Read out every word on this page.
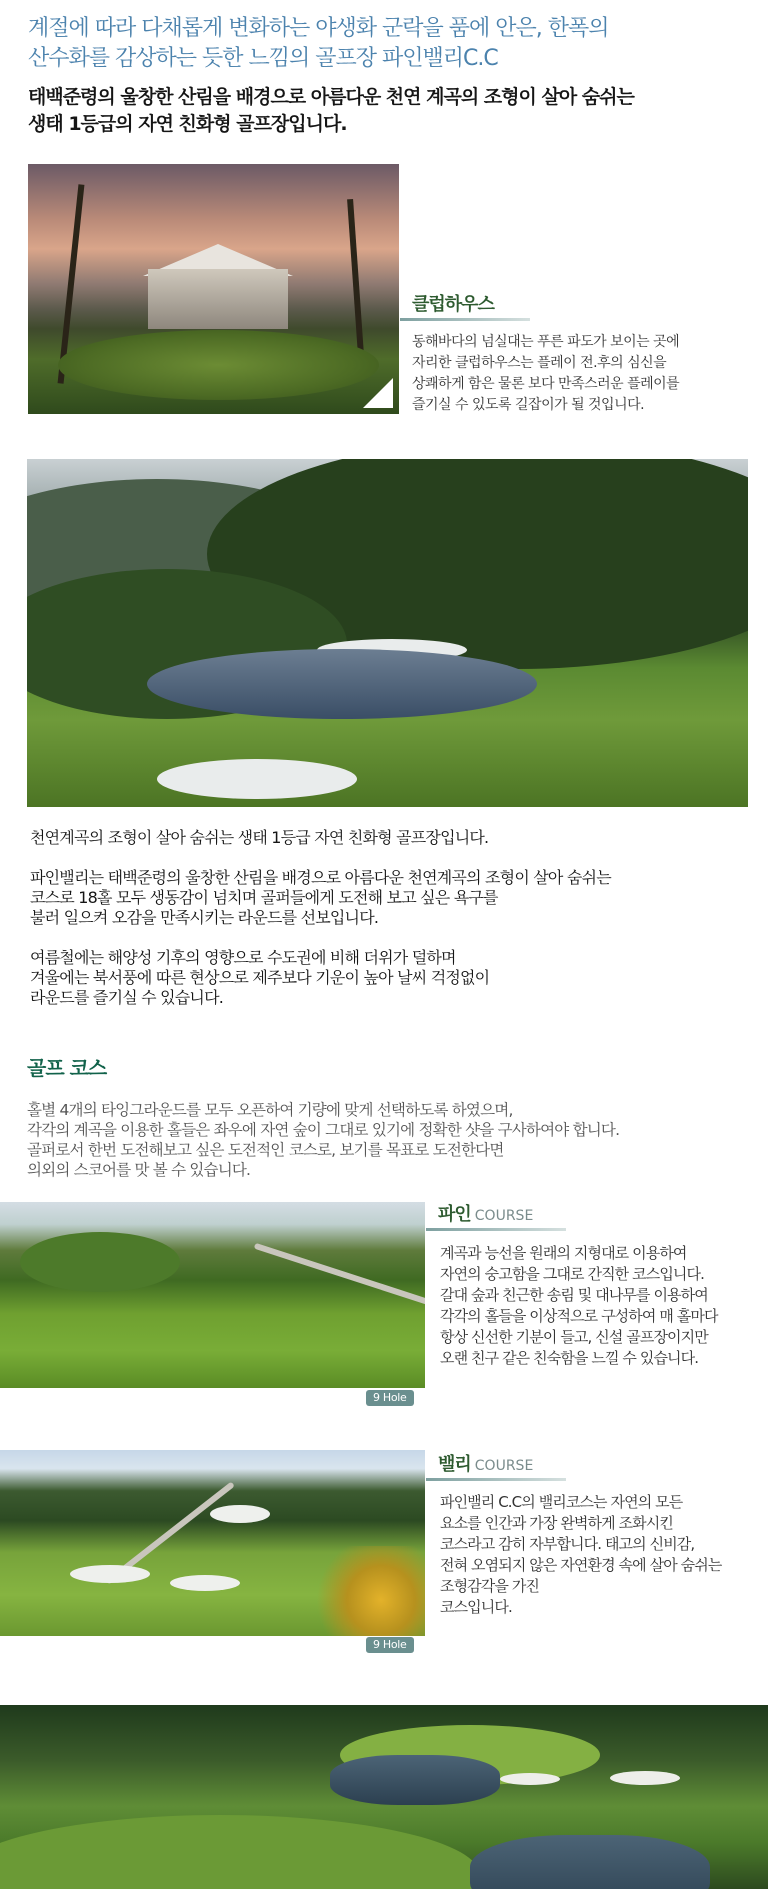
계절에 따라 다채롭게 변화하는 야생화 군락을 품에 안은, 한폭의
산수화를 감상하는 듯한 느낌의 골프장 파인밸리C.C
태백준령의 울창한 산림을 배경으로 아름다운 천연 계곡의 조형이 살아 숨쉬는
생태 1등급의 자연 친화형 골프장입니다.
클럽하우스
동해바다의 넘실대는 푸른 파도가 보이는 곳에
자리한 클럽하우스는 플레이 전.후의 심신을
상쾌하게 함은 물론 보다 만족스러운 플레이를
즐기실 수 있도록 길잡이가 될 것입니다.
천연계곡의 조형이 살아 숨쉬는 생태 1등급 자연 친화형 골프장입니다.
파인밸리는 태백준령의 울창한 산림을 배경으로 아름다운 천연계곡의 조형이 살아 숨쉬는
코스로 18홀 모두 생동감이 넘치며 골퍼들에게 도전해 보고 싶은 욕구를
불러 일으켜 오감을 만족시키는 라운드를 선보입니다.
여름철에는 해양성 기후의 영향으로 수도권에 비해 더위가 덜하며
겨울에는 북서풍에 따른 현상으로 제주보다 기운이 높아 날씨 걱정없이
라운드를 즐기실 수 있습니다.
골프 코스
홀별 4개의 타잉그라운드를 모두 오픈하여 기량에 맞게 선택하도록 하였으며,
각각의 계곡을 이용한 홀들은 좌우에 자연 숲이 그대로 있기에 정확한 샷을 구사하여야 합니다.
골퍼로서 한번 도전해보고 싶은 도전적인 코스로, 보기를 목표로 도전한다면
의외의 스코어를 맛 볼 수 있습니다.
9 Hole
파인 COURSE
계곡과 능선을 원래의 지형대로 이용하여
자연의 숭고함을 그대로 간직한 코스입니다.
갈대 숲과 친근한 송림 및 대나무를 이용하여
각각의 홀들을 이상적으로 구성하여 매 홀마다
항상 신선한 기분이 들고, 신설 골프장이지만
오랜 친구 같은 친숙함을 느낄 수 있습니다.
9 Hole
밸리 COURSE
파인밸리 C.C의 밸리코스는 자연의 모든
요소를 인간과 가장 완벽하게 조화시킨
코스라고 감히 자부합니다. 태고의 신비감,
전혀 오염되지 않은 자연환경 속에 살아 숨쉬는
조형감각을 가진
코스입니다.
